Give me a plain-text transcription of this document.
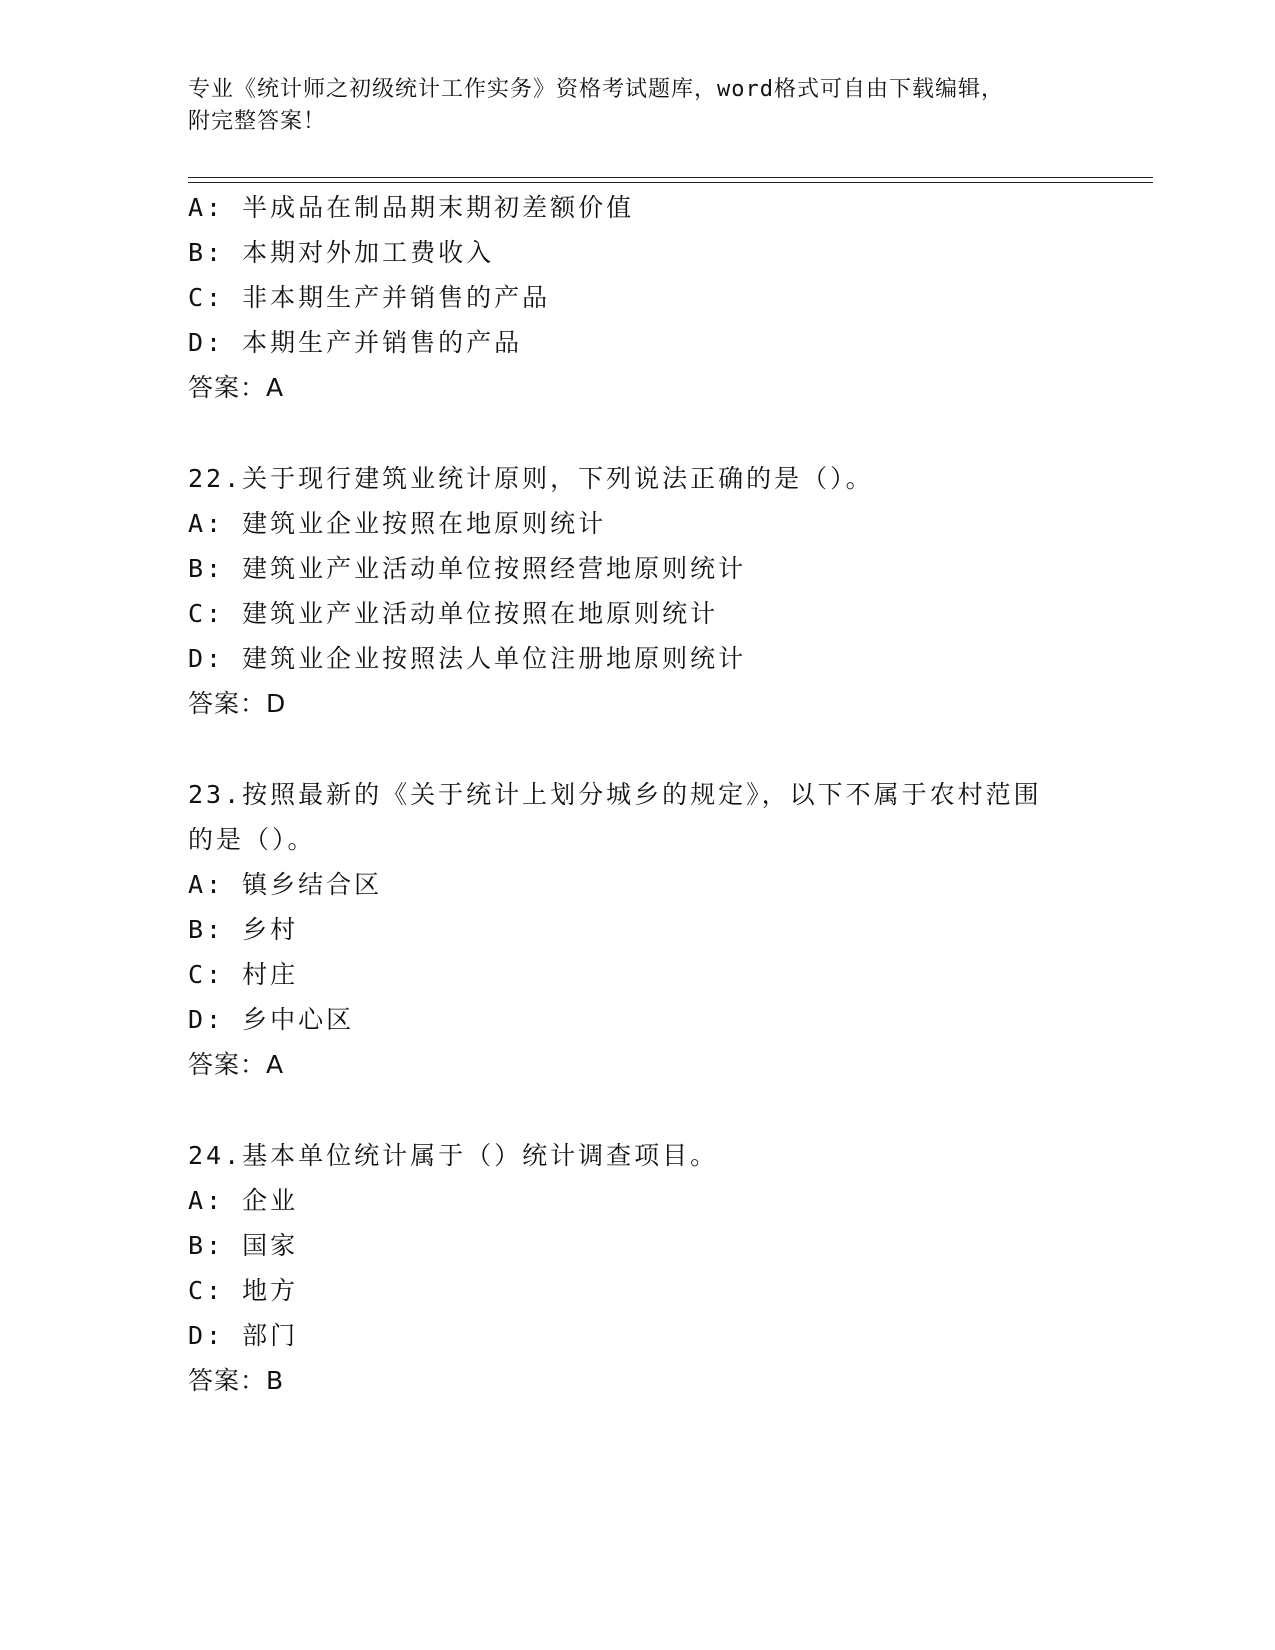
专业《统计师之初级统计工作实务》资格考试题库，word格式可自由下载编辑，
附完整答案！
A: 半成品在制品期末期初差额价值
B: 本期对外加工费收入
C: 非本期生产并销售的产品
D: 本期生产并销售的产品
答案：A
22.关于现行建筑业统计原则，下列说法正确的是（）。
A: 建筑业企业按照在地原则统计
B: 建筑业产业活动单位按照经营地原则统计
C: 建筑业产业活动单位按照在地原则统计
D: 建筑业企业按照法人单位注册地原则统计
答案：D
23.按照最新的《关于统计上划分城乡的规定》，以下不属于农村范围
的是（）。
A: 镇乡结合区
B: 乡村
C: 村庄
D: 乡中心区
答案：A
24.基本单位统计属于（）统计调查项目。
A: 企业
B: 国家
C: 地方
D: 部门
答案：B
